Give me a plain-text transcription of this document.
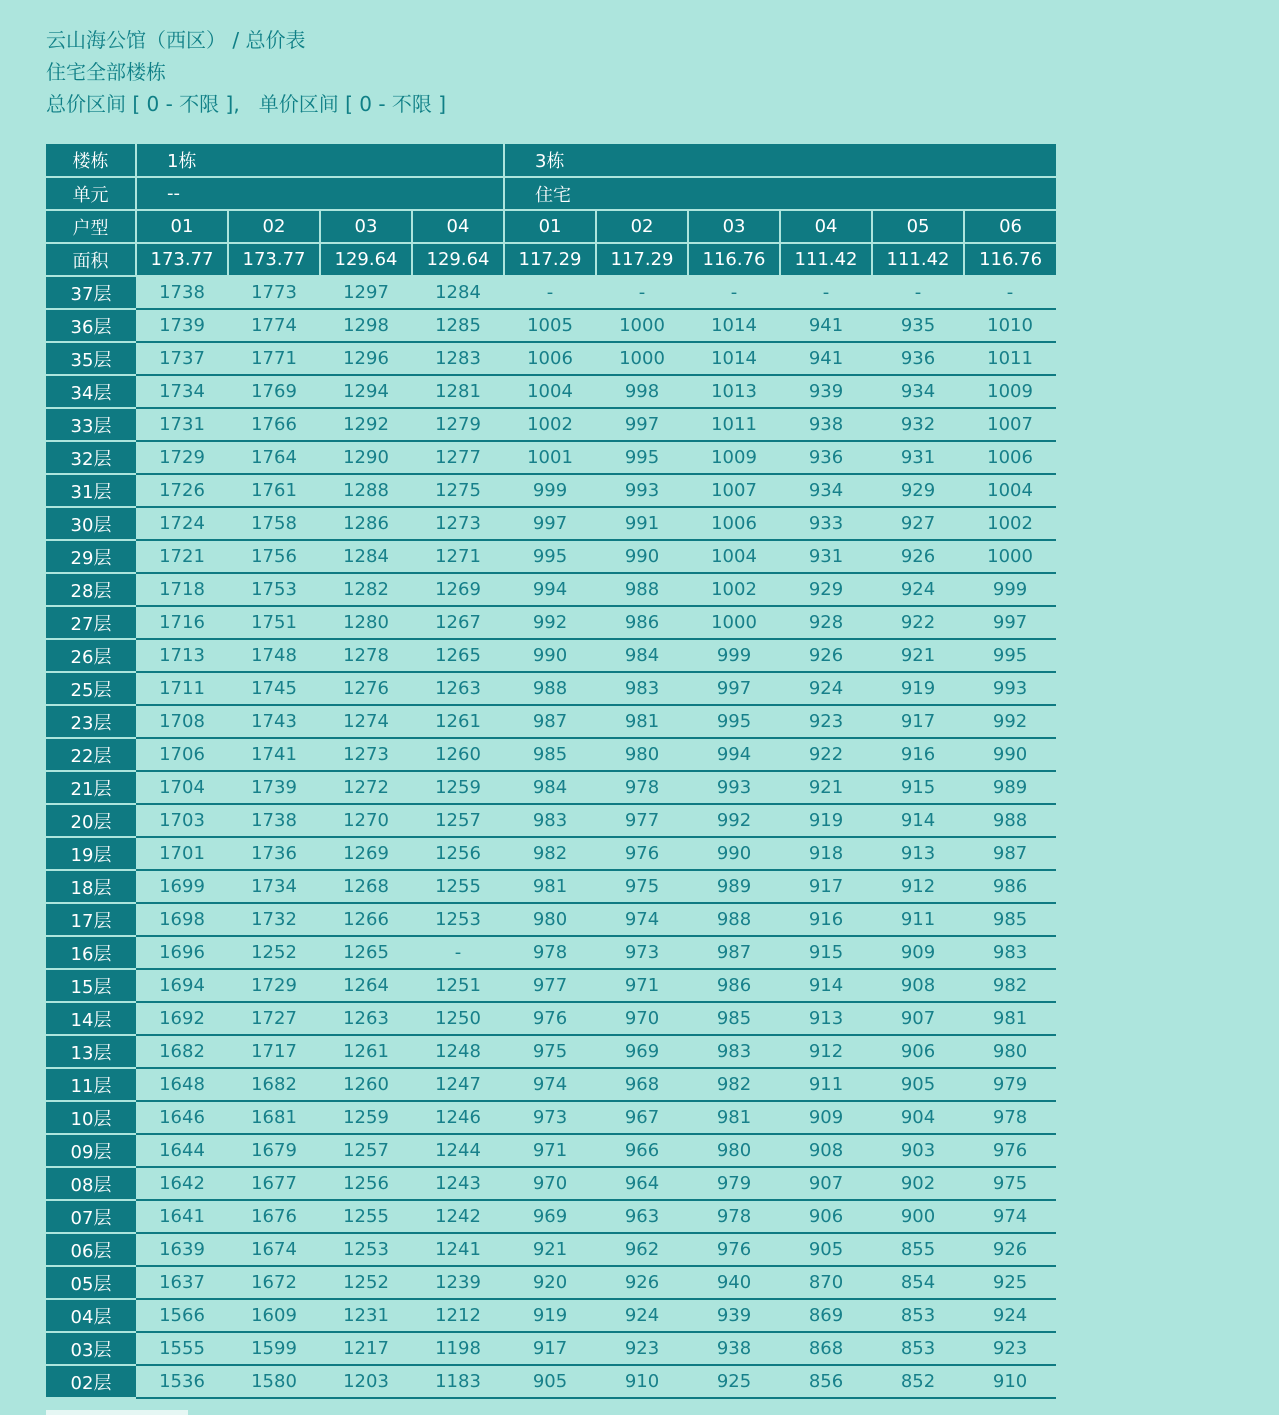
云山海公馆（西区） / 总价表
住宅全部楼栋
总价区间 [ 0 - 不限 ],   单价区间 [ 0 - 不限 ]
楼栋	1栋				3栋					
单元	--				住宅					
户型	01	02	03	04	01	02	03	04	05	06
面积	173.77	173.77	129.64	129.64	117.29	117.29	116.76	111.42	111.42	116.76
37层	1738	1773	1297	1284	-	-	-	-	-	-
36层	1739	1774	1298	1285	1005	1000	1014	941	935	1010
35层	1737	1771	1296	1283	1006	1000	1014	941	936	1011
34层	1734	1769	1294	1281	1004	998	1013	939	934	1009
33层	1731	1766	1292	1279	1002	997	1011	938	932	1007
32层	1729	1764	1290	1277	1001	995	1009	936	931	1006
31层	1726	1761	1288	1275	999	993	1007	934	929	1004
30层	1724	1758	1286	1273	997	991	1006	933	927	1002
29层	1721	1756	1284	1271	995	990	1004	931	926	1000
28层	1718	1753	1282	1269	994	988	1002	929	924	999
27层	1716	1751	1280	1267	992	986	1000	928	922	997
26层	1713	1748	1278	1265	990	984	999	926	921	995
25层	1711	1745	1276	1263	988	983	997	924	919	993
23层	1708	1743	1274	1261	987	981	995	923	917	992
22层	1706	1741	1273	1260	985	980	994	922	916	990
21层	1704	1739	1272	1259	984	978	993	921	915	989
20层	1703	1738	1270	1257	983	977	992	919	914	988
19层	1701	1736	1269	1256	982	976	990	918	913	987
18层	1699	1734	1268	1255	981	975	989	917	912	986
17层	1698	1732	1266	1253	980	974	988	916	911	985
16层	1696	1252	1265	-	978	973	987	915	909	983
15层	1694	1729	1264	1251	977	971	986	914	908	982
14层	1692	1727	1263	1250	976	970	985	913	907	981
13层	1682	1717	1261	1248	975	969	983	912	906	980
11层	1648	1682	1260	1247	974	968	982	911	905	979
10层	1646	1681	1259	1246	973	967	981	909	904	978
09层	1644	1679	1257	1244	971	966	980	908	903	976
08层	1642	1677	1256	1243	970	964	979	907	902	975
07层	1641	1676	1255	1242	969	963	978	906	900	974
06层	1639	1674	1253	1241	921	962	976	905	855	926
05层	1637	1672	1252	1239	920	926	940	870	854	925
04层	1566	1609	1231	1212	919	924	939	869	853	924
03层	1555	1599	1217	1198	917	923	938	868	853	923
02层	1536	1580	1203	1183	905	910	925	856	852	910
